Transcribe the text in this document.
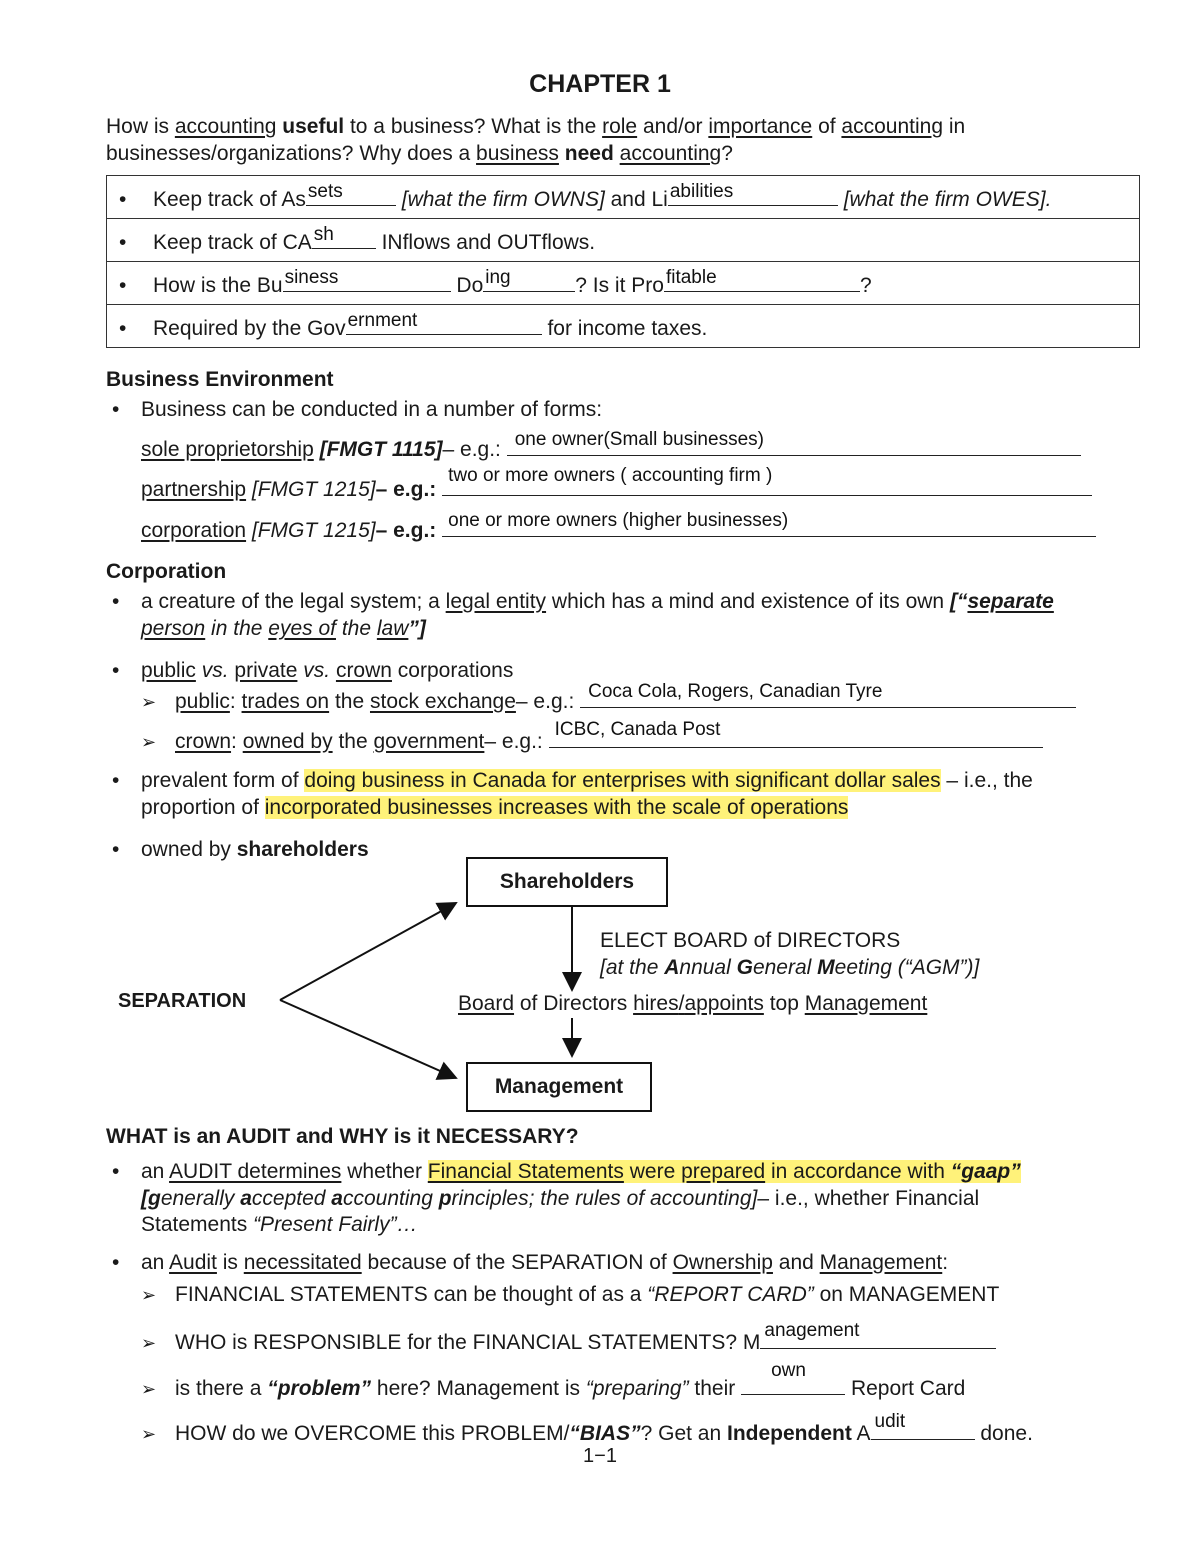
CHAPTER 1
How is accounting useful to a business? What is the role and/or importance of accounting in
businesses/organizations? Why does a business need accounting?
• Keep track of As sets	[what the firm OWNS] and Li abilities	[what the firm OWES].
• Keep track of CA sh INflows and OUTflows.
• How is the Bu siness	Do ing	? Is it Pro fitable	?
• Required by the Gov ernment	for income taxes.
Business Environment
• Business can be conducted in a number of forms:
sole proprietorship [FMGT 1115]– e.g.: one owner(Small businesses)
partnership [FMGT 1215]– e.g.:
two or more owners ( accounting firm )
corporation [FMGT 1215]– e.g.: one or more owners (higher businesses)
Corporation
• a creature of the legal system; a legal entity which has a mind and existence of its own [“separate
person in the eyes of the law”]
• public vs. private vs. crown corporations
➢ public: trades on the stock exchange– e.g.: Coca Cola, Rogers, Canadian Tyre
➢ crown: owned by the government– e.g.:
ICBC, Canada Post
• prevalent form of doing business in Canada for enterprises with significant dollar sales – i.e., the
proportion of incorporated businesses increases with the scale of operations
• owned by shareholders
Shareholders
Management
SEPARATION
ELECT BOARD of DIRECTORS
[at the Annual General Meeting (“AGM”)]
Board of Directors hires/appoints top Management
WHAT is an AUDIT and WHY is it NECESSARY?
• an AUDIT determines whether Financial Statements were prepared in accordance with “gaap”
[generally accepted accounting principles; the rules of accounting]– i.e., whether Financial
Statements “Present Fairly”…
• an Audit is necessitated because of the SEPARATION of Ownership and Management:
➢ FINANCIAL STATEMENTS can be thought of as a “REPORT CARD” on MANAGEMENT
➢ WHO is RESPONSIBLE for the FINANCIAL STATEMENTS? M
anagement
➢ is there a “problem” here? Management is “preparing” their
own
Report Card
➢ HOW do we OVERCOME this PROBLEM/“BIAS”? Get an Independent A
udit
done.
1−1
